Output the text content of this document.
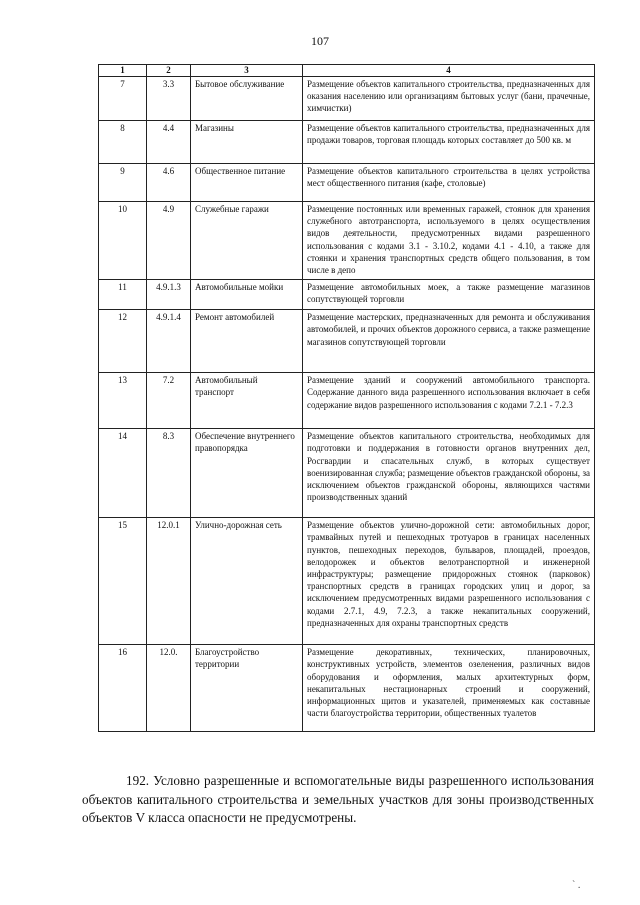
107
1	2	3	4
7	3.3	Бытовое обслуживание	Размещение объектов капитального строительства, предназначенных для оказания населению или организациям бытовых услуг (бани, прачечные, химчистки)
8	4.4	Магазины	Размещение объектов капитального строительства, предназначенных для продажи товаров, торговая площадь которых составляет до 500 кв. м
9	4.6	Общественное питание	Размещение объектов капитального строительства в целях устройства мест общественного питания (кафе, столовые)
10	4.9	Служебные гаражи	Размещение постоянных или временных гаражей, стоянок для хранения служебного автотранспорта, используемого в целях осуществления видов деятельности, предусмотренных видами разрешенного использования с кодами 3.1 - 3.10.2, кодами 4.1 - 4.10, а также для стоянки и хранения транспортных средств общего пользования, в том числе в депо
11	4.9.1.3	Автомобильные мойки	Размещение автомобильных моек, а также размещение магазинов сопутствующей торговли
12	4.9.1.4	Ремонт автомобилей	Размещение мастерских, предназначенных для ремонта и обслуживания автомобилей, и прочих объектов дорожного сервиса, а также размещение магазинов сопутствующей торговли
13	7.2	Автомобильный транспорт	Размещение зданий и сооружений автомобильного транспорта. Содержание данного вида разрешенного использования включает в себя содержание видов разрешенного использования с кодами 7.2.1 - 7.2.3
14	8.3	Обеспечение внутреннего правопорядка	Размещение объектов капитального строительства, необходимых для подготовки и поддержания в готовности органов внутренних дел, Росгвардии и спасательных служб, в которых существует военизированная служба; размещение объектов гражданской обороны, за исключением объектов гражданской обороны, являющихся частями производственных зданий
15	12.0.1	Улично-дорожная сеть	Размещение объектов улично-дорожной сети: автомобильных дорог, трамвайных путей и пешеходных тротуаров в границах населенных пунктов, пешеходных переходов, бульваров, площадей, проездов, велодорожек и объектов велотранспортной и инженерной инфраструктуры; размещение придорожных стоянок (парковок) транспортных средств в границах городских улиц и дорог, за исключением предусмотренных видами разрешенного использования с кодами 2.7.1, 4.9, 7.2.3, а также некапитальных сооружений, предназначенных для охраны транспортных средств
16	12.0.	Благоустройство территории	Размещение декоративных, технических, планировочных, конструктивных устройств, элементов озеленения, различных видов оборудования и оформления, малых архитектурных форм, некапитальных нестационарных строений и сооружений, информационных щитов и указателей, применяемых как составные части благоустройства территории, общественных туалетов
192. Условно разрешенные и вспомогательные виды разрешенного использования объектов капитального строительства и земельных участков для зоны производственных объектов V класса опасности не предусмотрены.
` .
